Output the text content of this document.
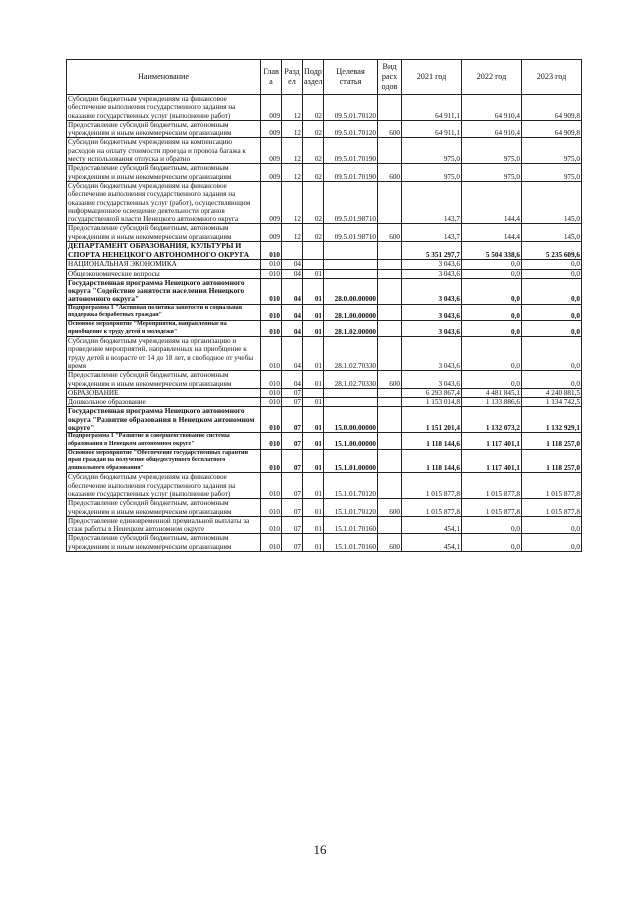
Наименование	Глав а	Разд ел	Подр аздел	Целевая статья	Вид расх одов	2021 год	2022 год	2023 год
Субсидии бюджетным учреждениям на финансовое обеспечение выполнения государственного задания на оказание государственных услуг (выполнение работ)	009	12	02	09.5.01.70120		64 911,1	64 910,4	64 909,8
Предоставление субсидий бюджетным, автономным учреждениям и иным некоммерческим организациям	009	12	02	09.5.01.70120	600	64 911,1	64 910,4	64 909,8
Субсидии бюджетным учреждениям на компенсацию расходов на оплату стоимости проезда и провоза багажа к месту использования отпуска и обратно	009	12	02	09.5.01.70190		975,0	975,0	975,0
Предоставление субсидий бюджетным, автономным учреждениям и иным некоммерческим организациям	009	12	02	09.5.01.70190	600	975,0	975,0	975,0
Субсидии бюджетным учреждениям на финансовое обеспечение выполнения государственного задания на оказание государственных услуг (работ), осуществляющим информационное освещение деятельности органов государственной власти Ненецкого автономного округа	009	12	02	09.5.01.98710		143,7	144,4	145,0
Предоставление субсидий бюджетным, автономным учреждениям и иным некоммерческим организациям	009	12	02	09.5.01.98710	600	143,7	144,4	145,0
ДЕПАРТАМЕНТ ОБРАЗОВАНИЯ, КУЛЬТУРЫ И СПОРТА НЕНЕЦКОГО АВТОНОМНОГО ОКРУГА	010					5 351 297,7	5 504 338,6	5 235 609,6
НАЦИОНАЛЬНАЯ ЭКОНОМИКА	010	04				3 043,6	0,0	0,0
Общеэкономические вопросы	010	04	01			3 043,6	0,0	0,0
Государственная программа Ненецкого автономного округа "Содействие занятости населения Ненецкого автономного округа"	010	04	01	28.0.00.00000		3 043,6	0,0	0,0
Подпрограмма 1 "Активная политика занятости и социальная поддержка безработных граждан"	010	04	01	28.1.00.00000		3 043,6	0,0	0,0
Основное мероприятие "Мероприятия, направленные на приобщение к труду детей и молодежи"	010	04	01	28.1.02.00000		3 043,6	0,0	0,0
Субсидии бюджетным учреждениям на организацию и проведение мероприятий, направленных на приобщение к труду детей в возрасте от 14 до 18 лет, в свободное от учебы время	010	04	01	28.1.02.70330		3 043,6	0,0	0,0
Предоставление субсидий бюджетным, автономным учреждениям и иным некоммерческим организациям	010	04	01	28.1.02.70330	600	3 043,6	0,0	0,0
ОБРАЗОВАНИЕ	010	07				6 293 867,4	4 481 845,1	4 240 881,5
Дошкольное образование	010	07	01			1 153 014,8	1 133 886,6	1 134 742,5
Государственная программа Ненецкого автономного округа "Развитие образования в Ненецком автономном округе"	010	07	01	15.0.00.00000		1 151 201,4	1 132 073,2	1 132 929,1
Подпрограмма 1 "Развитие и совершенствование системы образования в Ненецком автономном округе"	010	07	01	15.1.00.00000		1 118 144,6	1 117 401,1	1 118 257,0
Основное мероприятие "Обеспечение государственных гарантий прав граждан на получение общедоступного бесплатного дошкольного образования"	010	07	01	15.1.01.00000		1 118 144,6	1 117 401,1	1 118 257,0
Субсидии бюджетным учреждениям на финансовое обеспечение выполнения государственного задания на оказание государственных услуг (выполнение работ)	010	07	01	15.1.01.70120		1 015 877,8	1 015 877,8	1 015 877,8
Предоставление субсидий бюджетным, автономным учреждениям и иным некоммерческим организациям	010	07	01	15.1.01.70120	600	1 015 877,8	1 015 877,8	1 015 877,8
Предоставление единовременной премиальной выплаты за стаж работы в Ненецком автономном округе	010	07	01	15.1.01.70160		454,1	0,0	0,0
Предоставление субсидий бюджетным, автономным учреждениям и иным некоммерческим организациям	010	07	01	15.1.01.70160	600	454,1	0,0	0,0
16
